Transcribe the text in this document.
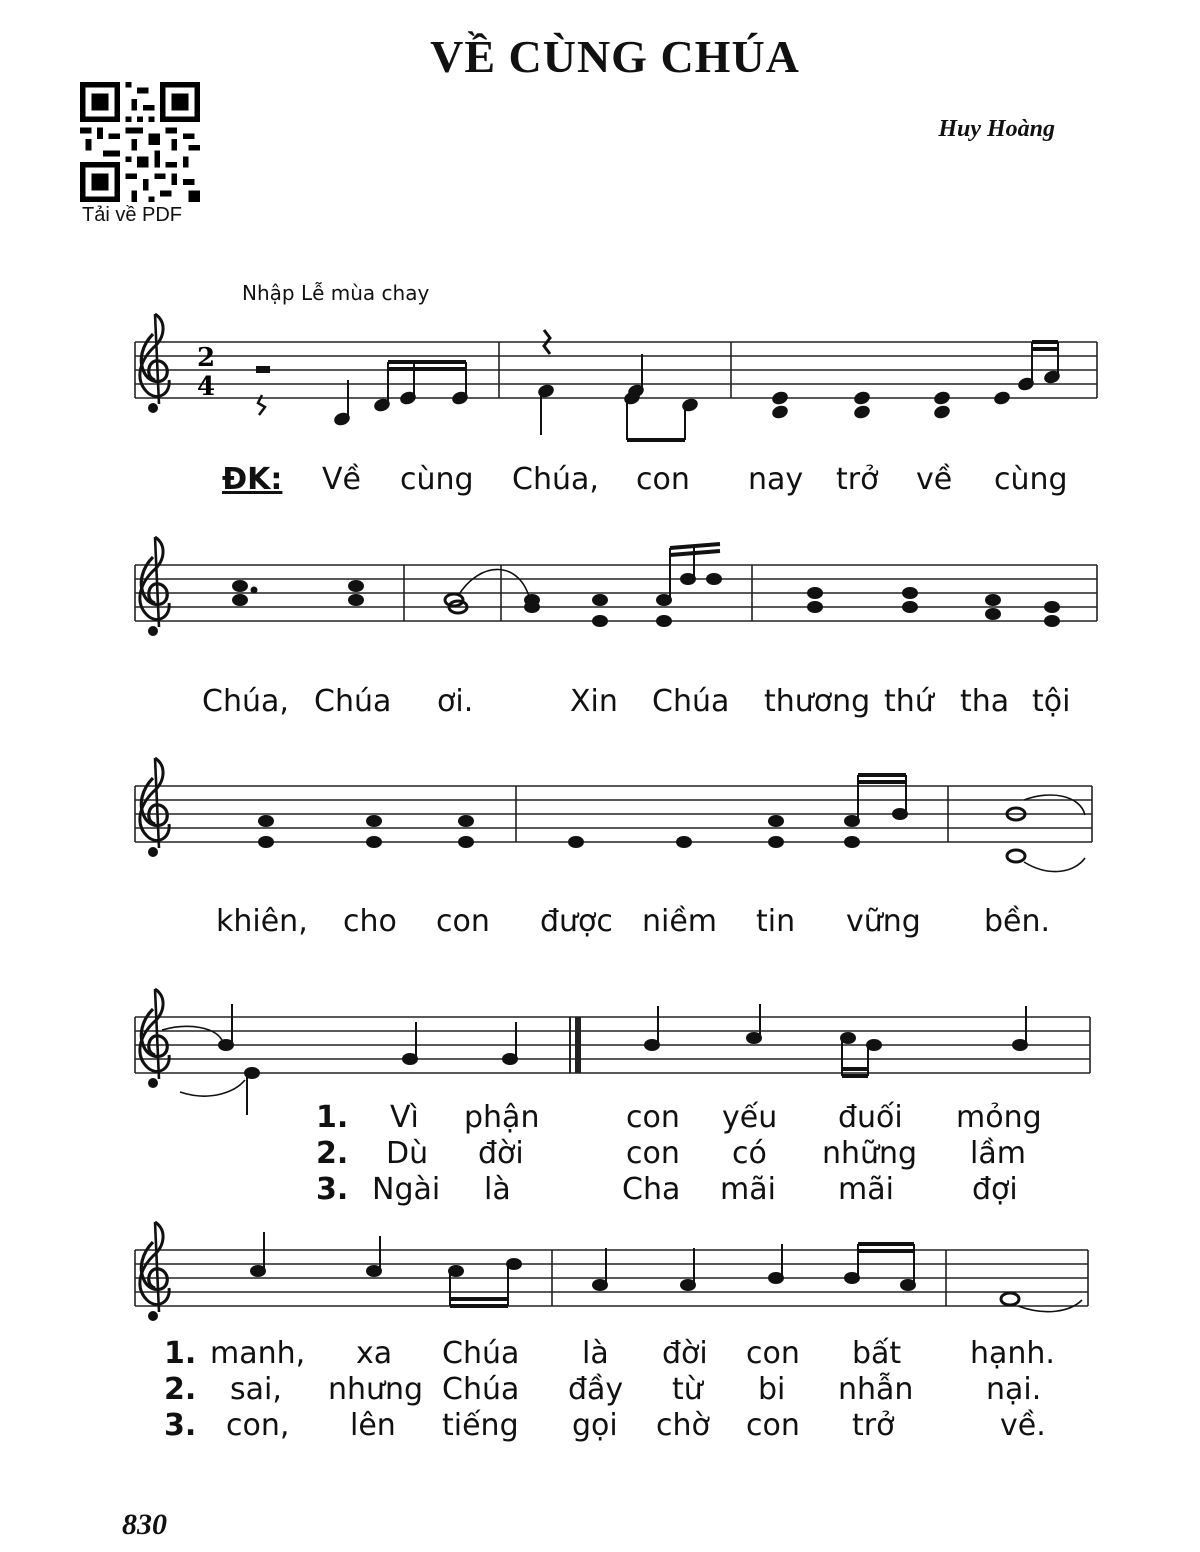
VỀ CÙNG CHÚA
Huy Hoàng
Tải về PDF
Nhập Lễ mùa chay
2
4
ĐK: Về cùng Chúa, con nay trở về cùng
Chúa, Chúa ơi.	Xin Chúa thương thứ tha tội
khiên, cho con được niềm tin vững bền.
1. Vì phận	con yếu đuối mỏng
2. Dù đời	con có những lầm
3. Ngài là	Cha mãi mãi	đợi
1. manh, xa Chúa là đời con bất hạnh.
2. sai, nhưng Chúa đầy từ bi nhẫn nại.
3. con, lên tiếng gọi chờ con trở	về.
830
